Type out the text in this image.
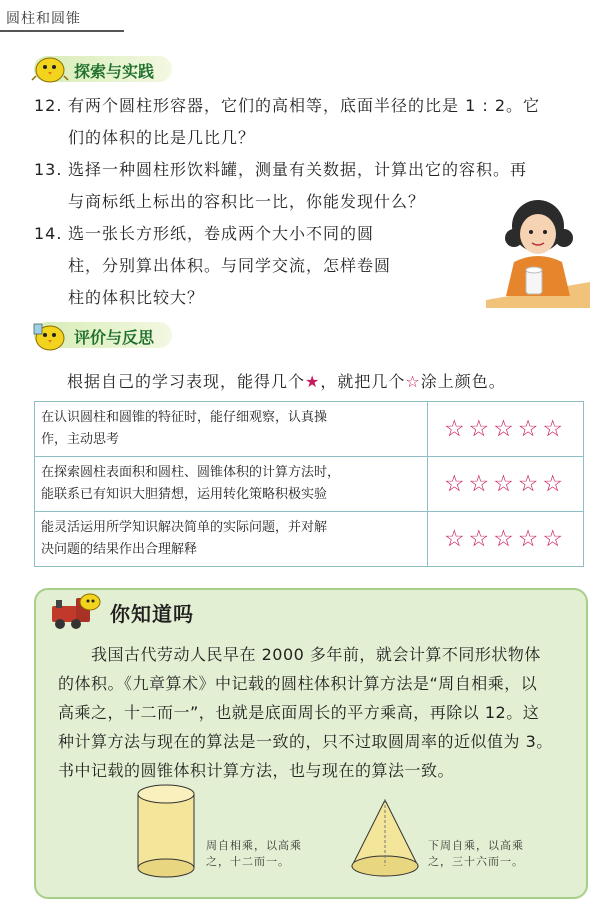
圆柱和圆锥
探索与实践
12. 有两个圆柱形容器，它们的高相等，底面半径的比是 1 : 2。它
们的体积的比是几比几？
13. 选择一种圆柱形饮料罐，测量有关数据，计算出它的容积。再
与商标纸上标出的容积比一比，你能发现什么？
14. 选一张长方形纸，卷成两个大小不同的圆
柱，分别算出体积。与同学交流，怎样卷圆
柱的体积比较大？
评价与反思
根据自己的学习表现，能得几个★，就把几个☆涂上颜色。
在认识圆柱和圆锥的特征时，能仔细观察，认真操
作，主动思考	☆☆☆☆☆

在探索圆柱表面积和圆柱、圆锥体积的计算方法时，
能联系已有知识大胆猜想，运用转化策略积极实验	☆☆☆☆☆

能灵活运用所学知识解决简单的实际问题，并对解
决问题的结果作出合理解释	☆☆☆☆☆
你知道吗
　　我国古代劳动人民早在 2000 多年前，就会计算不同形状物体
的体积。《九章算术》中记载的圆柱体积计算方法是“周自相乘，以
高乘之，十二而一”，也就是底面周长的平方乘高，再除以 12。这
种计算方法与现在的算法是一致的，只不过取圆周率的近似值为 3。
书中记载的圆锥体积计算方法，也与现在的算法一致。
周自相乘，以高乘
之，十二而一。
下周自乘，以高乘
之，三十六而一。
